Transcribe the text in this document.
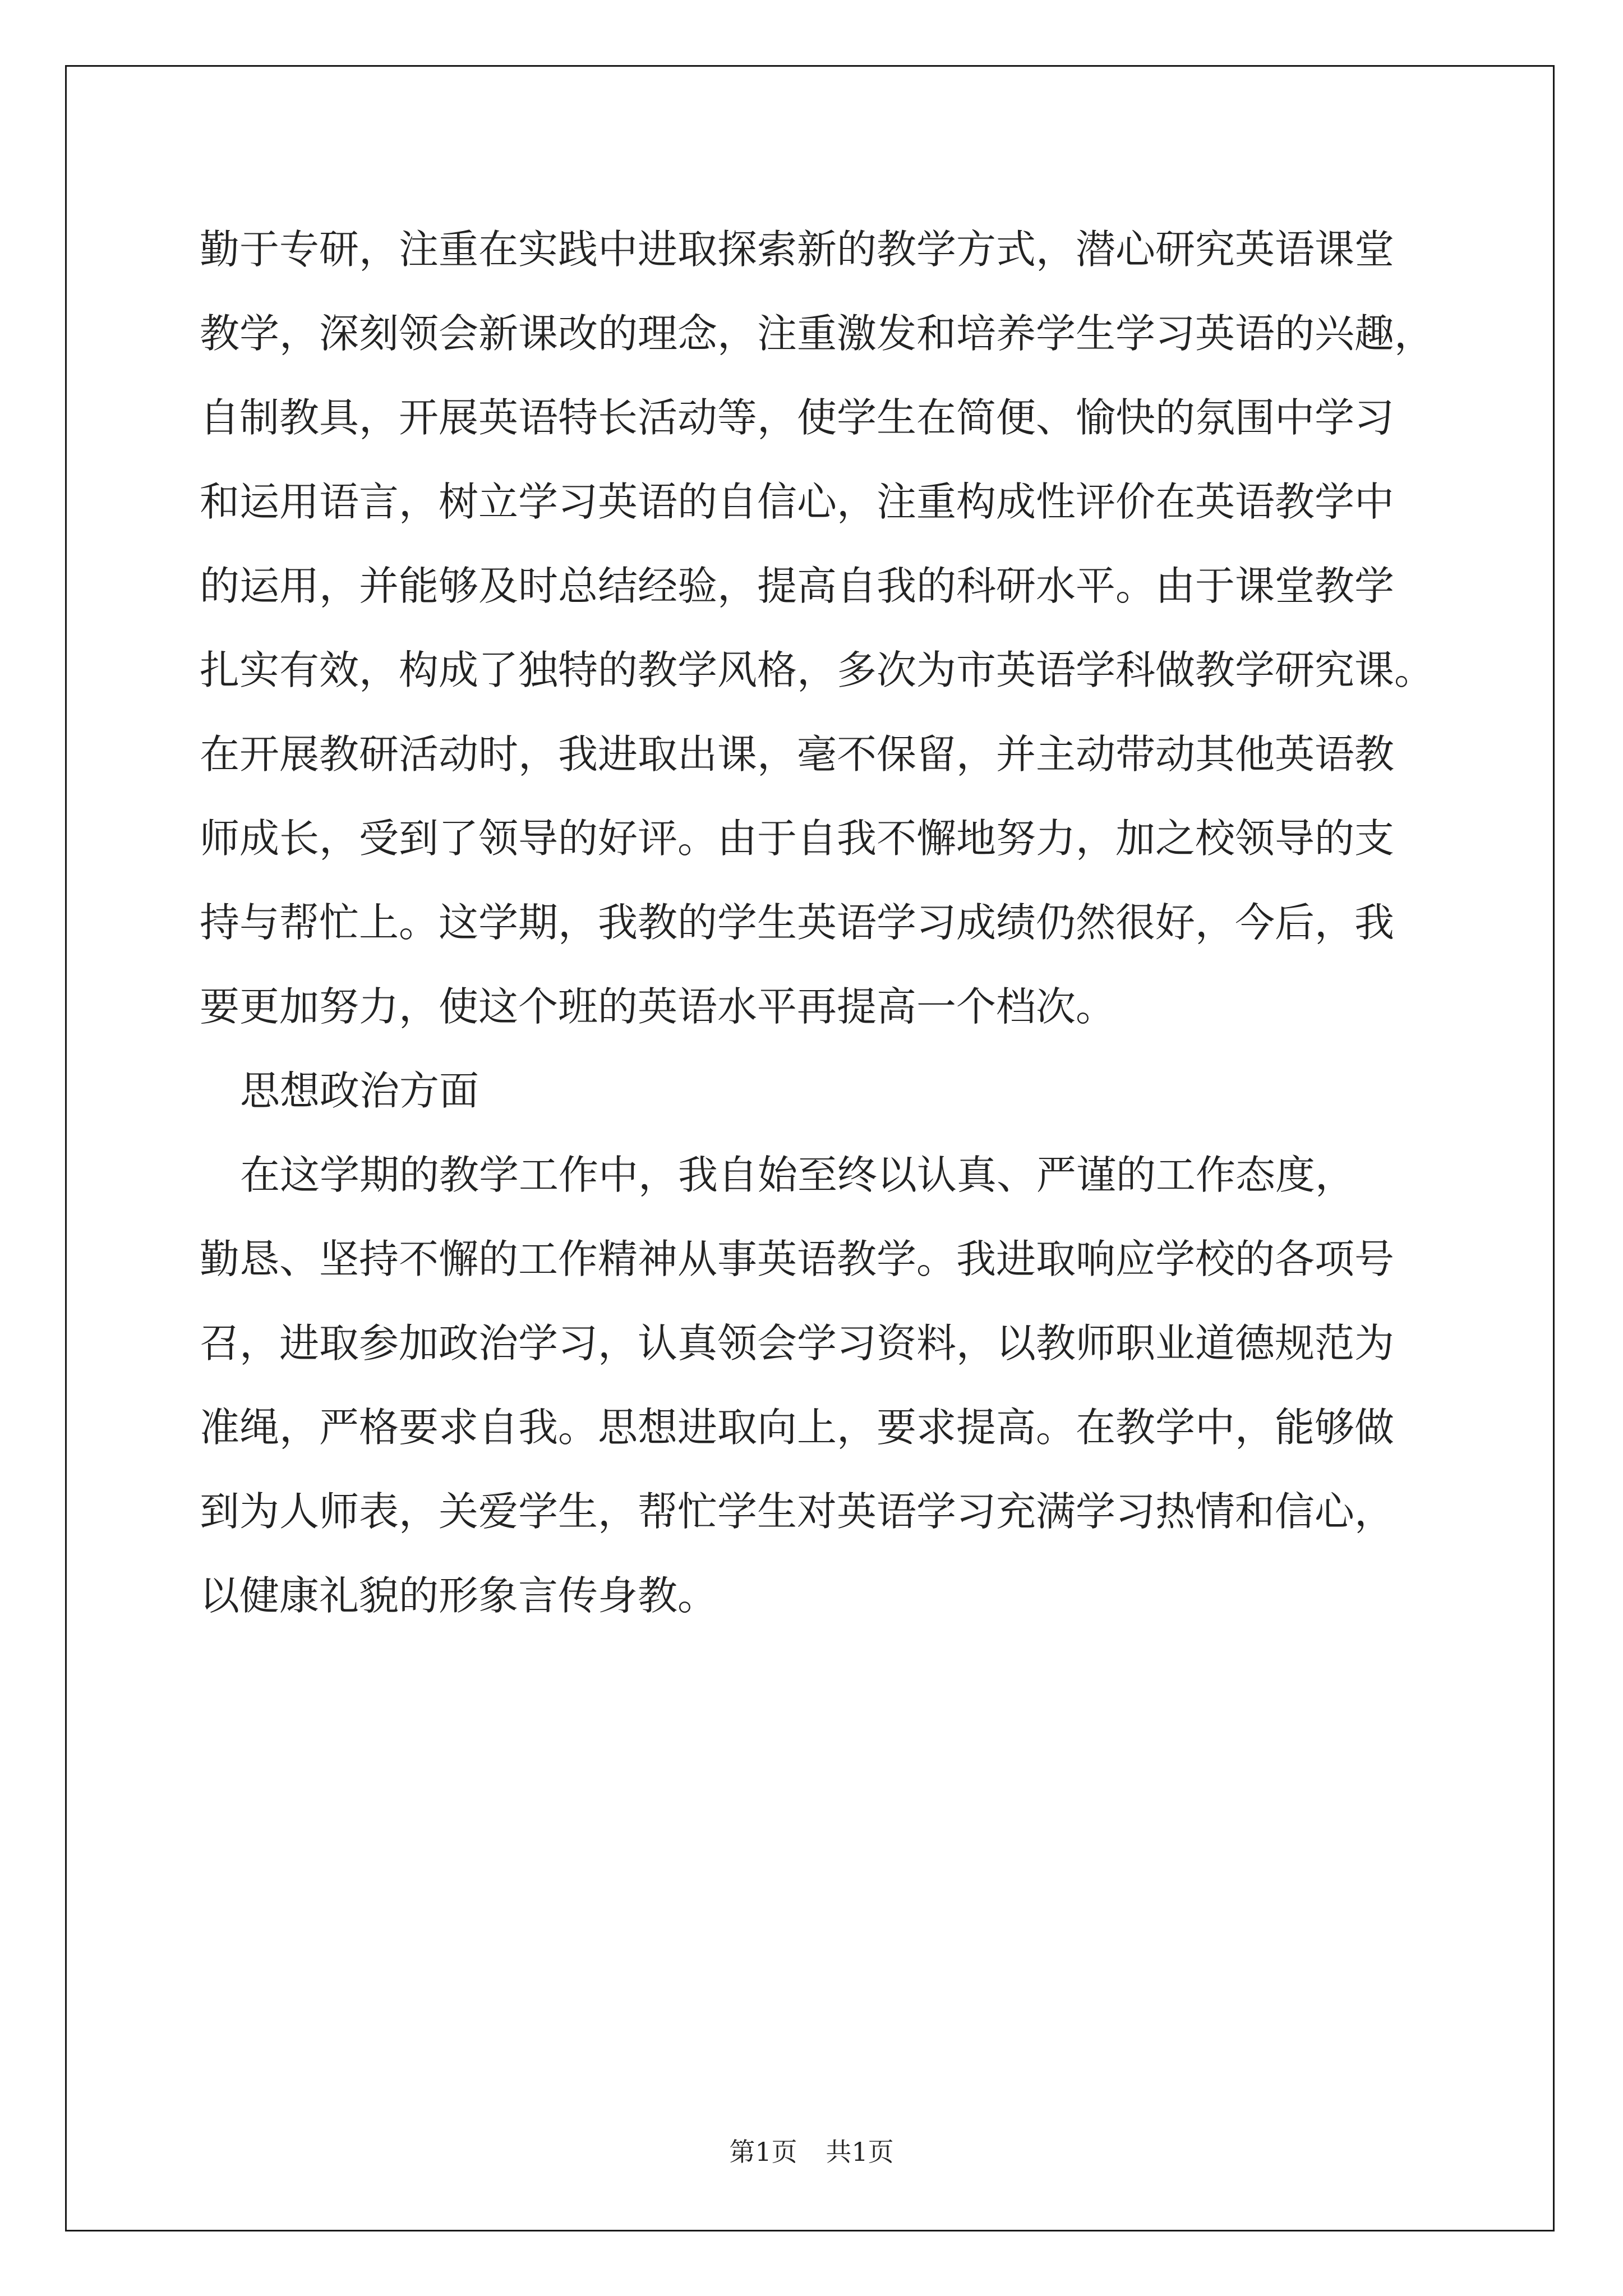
勤于专研，注重在实践中进取探索新的教学方式，潜心研究英语课堂
教学，深刻领会新课改的理念，注重激发和培养学生学习英语的兴趣，
自制教具，开展英语特长活动等，使学生在简便、愉快的氛围中学习
和运用语言，树立学习英语的自信心，注重构成性评价在英语教学中
的运用，并能够及时总结经验，提高自我的科研水平。由于课堂教学
扎实有效，构成了独特的教学风格，多次为市英语学科做教学研究课。
在开展教研活动时，我进取出课，毫不保留，并主动带动其他英语教
师成长，受到了领导的好评。由于自我不懈地努力，加之校领导的支
持与帮忙上。这学期，我教的学生英语学习成绩仍然很好，今后，我
要更加努力，使这个班的英语水平再提高一个档次。
思想政治方面
在这学期的教学工作中，我自始至终以认真、严谨的工作态度，
勤恳、坚持不懈的工作精神从事英语教学。我进取响应学校的各项号
召，进取参加政治学习，认真领会学习资料，以教师职业道德规范为
准绳，严格要求自我。思想进取向上，要求提高。在教学中，能够做
到为人师表，关爱学生，帮忙学生对英语学习充满学习热情和信心，
以健康礼貌的形象言传身教。
第1页 共1页
